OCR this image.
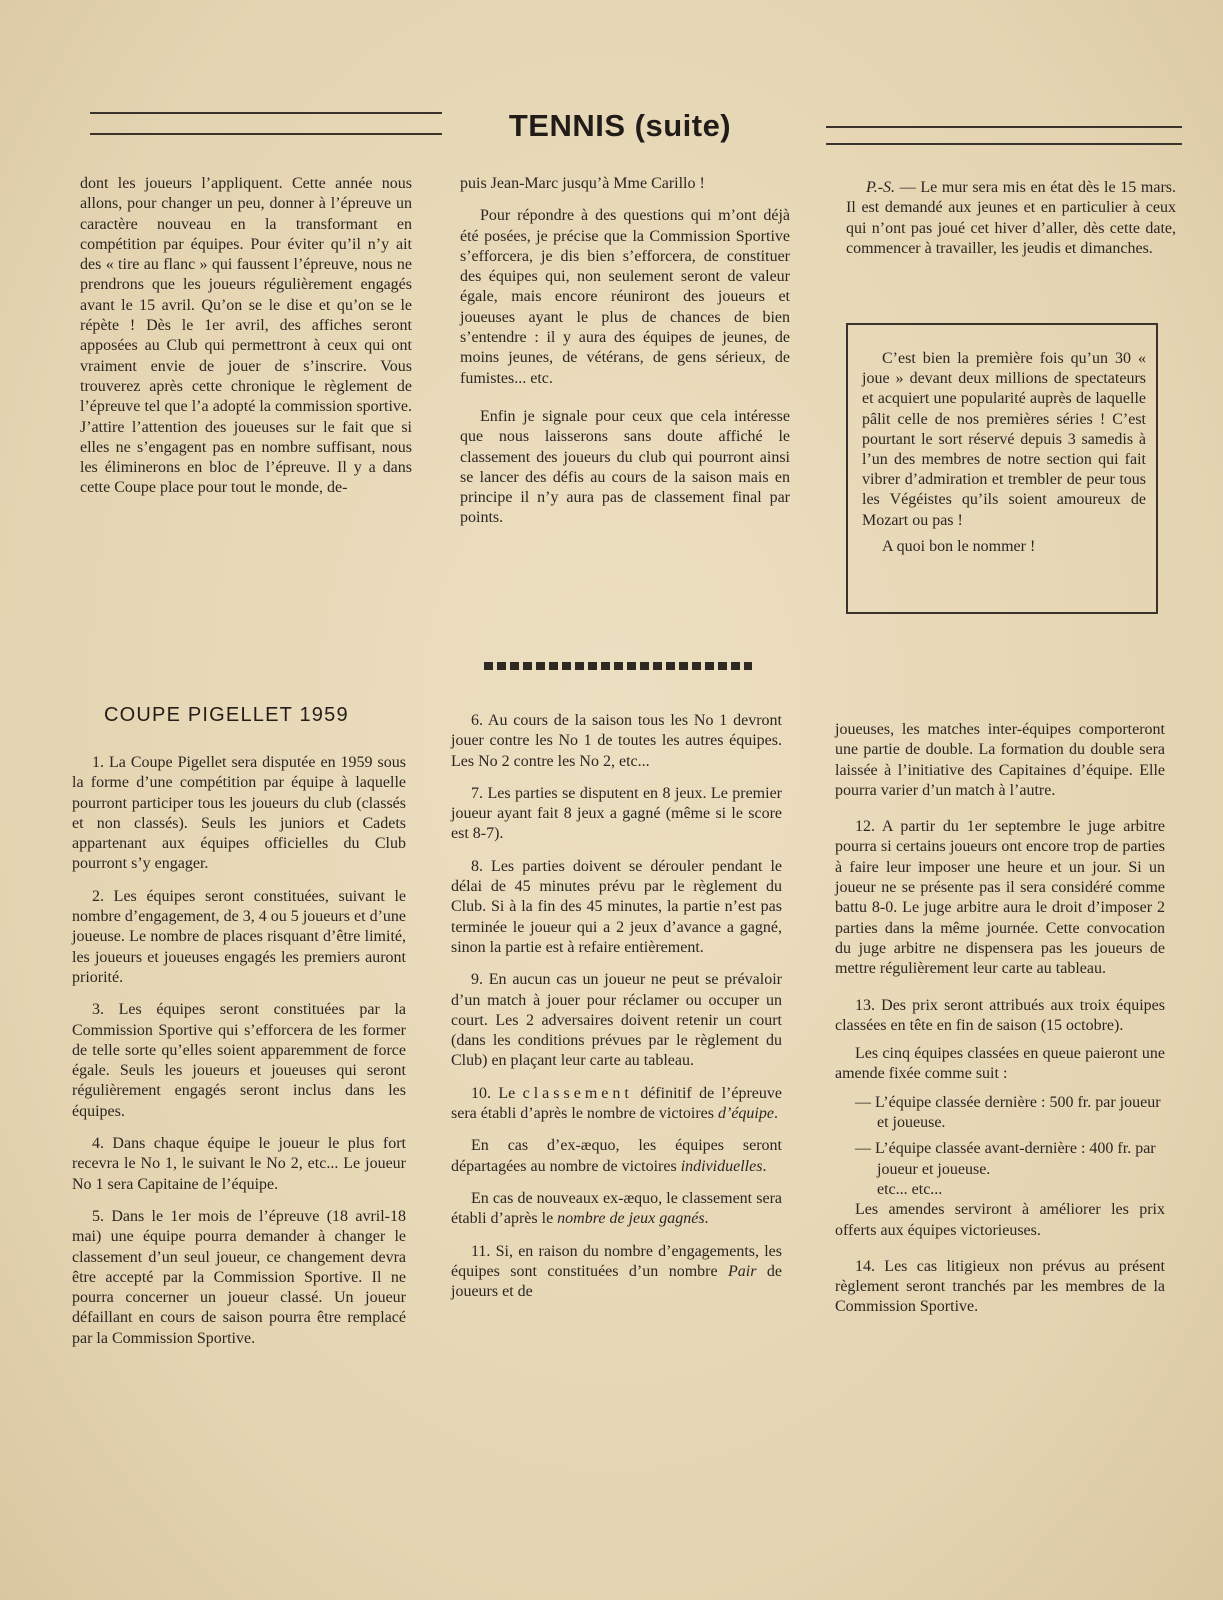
TENNIS (suite)

dont les joueurs l’appliquent. Cette année nous allons, pour changer un peu, donner à l’épreuve un caractère nouveau en la transformant en compétition par équipes. Pour éviter qu’il n’y ait des « tire au flanc » qui faussent l’épreuve, nous ne prendrons que les joueurs régulièrement engagés avant le 15 avril. Qu’on se le dise et qu’on se le répète ! Dès le 1er avril, des affiches seront apposées au Club qui permettront à ceux qui ont vraiment envie de jouer de s’inscrire. Vous trouverez après cette chronique le règlement de l’épreuve tel que l’a adopté la commission sportive. J’attire l’attention des joueuses sur le fait que si elles ne s’engagent pas en nombre suffisant, nous les éliminerons en bloc de l’épreuve. Il y a dans cette Coupe place pour tout le monde, de-

puis Jean-Marc jusqu’à Mme Carillo !

Pour répondre à des questions qui m’ont déjà été posées, je précise que la Commission Sportive s’efforcera, je dis bien s’efforcera, de constituer des équipes qui, non seulement seront de valeur égale, mais encore réuniront des joueurs et joueuses ayant le plus de chances de bien s’entendre : il y aura des équipes de jeunes, de moins jeunes, de vétérans, de gens sérieux, de fumistes... etc.

Enfin je signale pour ceux que cela intéresse que nous laisserons sans doute affiché le classement des joueurs du club qui pourront ainsi se lancer des défis au cours de la saison mais en principe il n’y aura pas de classement final par points.

P.-S. — Le mur sera mis en état dès le 15 mars. Il est demandé aux jeunes et en particulier à ceux qui n’ont pas joué cet hiver d’aller, dès cette date, commencer à travailler, les jeudis et dimanches.

C’est bien la première fois qu’un 30 « joue » devant deux millions de spectateurs et acquiert une popularité auprès de laquelle pâlit celle de nos premières séries ! C’est pourtant le sort réservé depuis 3 samedis à l’un des membres de notre section qui fait vibrer d’admiration et trembler de peur tous les Végéistes qu’ils soient amoureux de Mozart ou pas !

A quoi bon le nommer !

COUPE PIGELLET 1959

1. La Coupe Pigellet sera disputée en 1959 sous la forme d’une compétition par équipe à laquelle pourront participer tous les joueurs du club (classés et non classés). Seuls les juniors et Cadets appartenant aux équipes officielles du Club pourront s’y engager.

2. Les équipes seront constituées, suivant le nombre d’engagement, de 3, 4 ou 5 joueurs et d’une joueuse. Le nombre de places risquant d’être limité, les joueurs et joueuses engagés les premiers auront priorité.

3. Les équipes seront constituées par la Commission Sportive qui s’efforcera de les former de telle sorte qu’elles soient apparemment de force égale. Seuls les joueurs et joueuses qui seront régulièrement engagés seront inclus dans les équipes.

4. Dans chaque équipe le joueur le plus fort recevra le No 1, le suivant le No 2, etc... Le joueur No 1 sera Capitaine de l’équipe.

5. Dans le 1er mois de l’épreuve (18 avril-18 mai) une équipe pourra demander à changer le classement d’un seul joueur, ce changement devra être accepté par la Commission Sportive. Il ne pourra concerner un joueur classé. Un joueur défaillant en cours de saison pourra être remplacé par la Commission Sportive.

6. Au cours de la saison tous les No 1 devront jouer contre les No 1 de toutes les autres équipes. Les No 2 contre les No 2, etc...

7. Les parties se disputent en 8 jeux. Le premier joueur ayant fait 8 jeux a gagné (même si le score est 8-7).

8. Les parties doivent se dérouler pendant le délai de 45 minutes prévu par le règlement du Club. Si à la fin des 45 minutes, la partie n’est pas terminée le joueur qui a 2 jeux d’avance a gagné, sinon la partie est à refaire entièrement.

9. En aucun cas un joueur ne peut se prévaloir d’un match à jouer pour réclamer ou occuper un court. Les 2 adversaires doivent retenir un court (dans les conditions prévues par le règlement du Club) en plaçant leur carte au tableau.

10. Le classement définitif de l’épreuve sera établi d’après le nombre de victoires d’équipe.

En cas d’ex-æquo, les équipes seront départagées au nombre de victoires individuelles.

En cas de nouveaux ex-æquo, le classement sera établi d’après le nombre de jeux gagnés.

11. Si, en raison du nombre d’engagements, les équipes sont constituées d’un nombre Pair de joueurs et de

joueuses, les matches inter-équipes comporteront une partie de double. La formation du double sera laissée à l’initiative des Capitaines d’équipe. Elle pourra varier d’un match à l’autre.

12. A partir du 1er septembre le juge arbitre pourra si certains joueurs ont encore trop de parties à faire leur imposer une heure et un jour. Si un joueur ne se présente pas il sera considéré comme battu 8-0. Le juge arbitre aura le droit d’imposer 2 parties dans la même journée. Cette convocation du juge arbitre ne dispensera pas les joueurs de mettre régulièrement leur carte au tableau.

13. Des prix seront attribués aux troix équipes classées en tête en fin de saison (15 octobre).

Les cinq équipes classées en queue paieront une amende fixée comme suit :

— L’équipe classée dernière : 500 fr. par joueur et joueuse.

— L’équipe classée avant-dernière : 400 fr. par joueur et joueuse.

etc... etc...

Les amendes serviront à améliorer les prix offerts aux équipes victorieuses.

14. Les cas litigieux non prévus au présent règlement seront tranchés par les membres de la Commission Sportive.
